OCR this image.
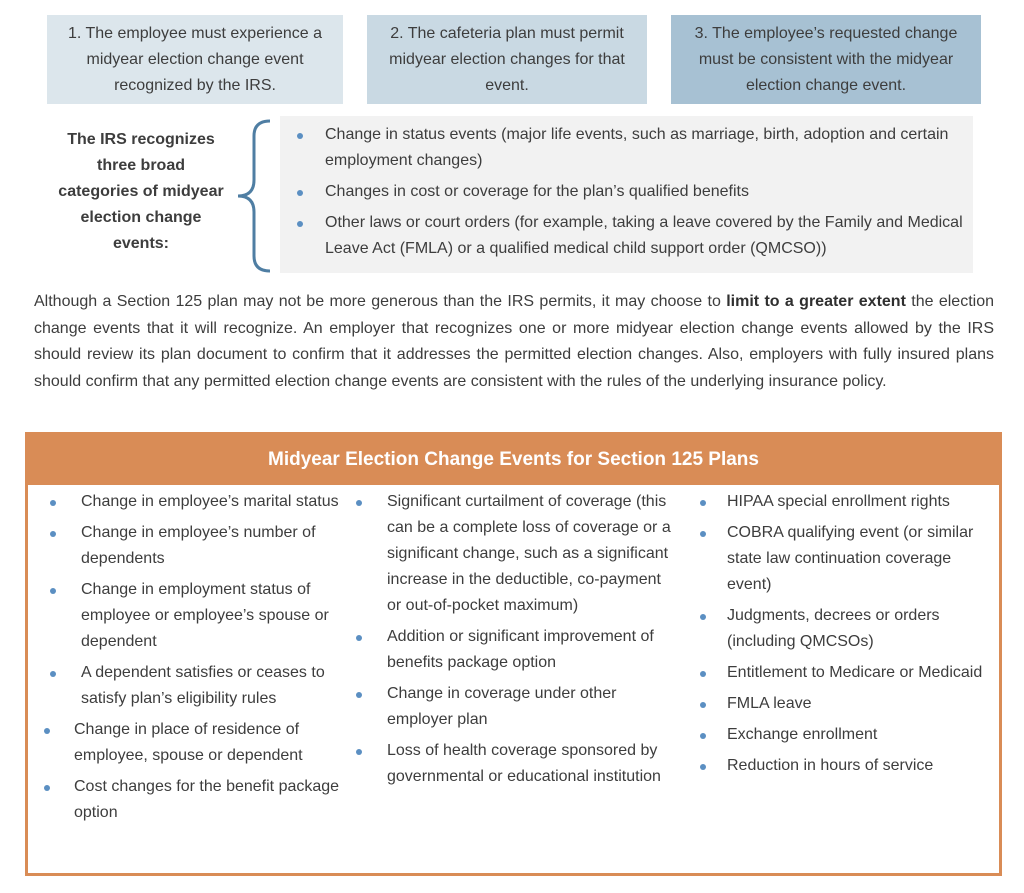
1. The employee must experience a midyear election change event recognized by the IRS.
2. The cafeteria plan must permit midyear election changes for that event.
3. The employee’s requested change must be consistent with the midyear election change event.
The IRS recognizes three broad categories of midyear election change events:
Change in status events (major life events, such as marriage, birth, adoption and certain employment changes)
Changes in cost or coverage for the plan’s qualified benefits
Other laws or court orders (for example, taking a leave covered by the Family and Medical Leave Act (FMLA) or a qualified medical child support order (QMCSO))

Although a Section 125 plan may not be more generous than the IRS permits, it may choose to limit to a greater extent the election change events that it will recognize. An employer that recognizes one or more midyear election change events allowed by the IRS should review its plan document to confirm that it addresses the permitted election changes. Also, employers with fully insured plans should confirm that any permitted election change events are consistent with the rules of the underlying insurance policy.

Midyear Election Change Events for Section 125 Plans
Change in employee’s marital status
Change in employee’s number of dependents
Change in employment status of employee or employee’s spouse or dependent
A dependent satisfies or ceases to satisfy plan’s eligibility rules
Change in place of residence of employee, spouse or dependent
Cost changes for the benefit package option
Significant curtailment of coverage (this can be a complete loss of coverage or a significant change, such as a significant increase in the deductible, co-payment or out-of-pocket maximum)
Addition or significant improvement of benefits package option
Change in coverage under other employer plan
Loss of health coverage sponsored by governmental or educational institution
HIPAA special enrollment rights
COBRA qualifying event (or similar state law continuation coverage event)
Judgments, decrees or orders (including QMCSOs)
Entitlement to Medicare or Medicaid
FMLA leave
Exchange enrollment
Reduction in hours of service
